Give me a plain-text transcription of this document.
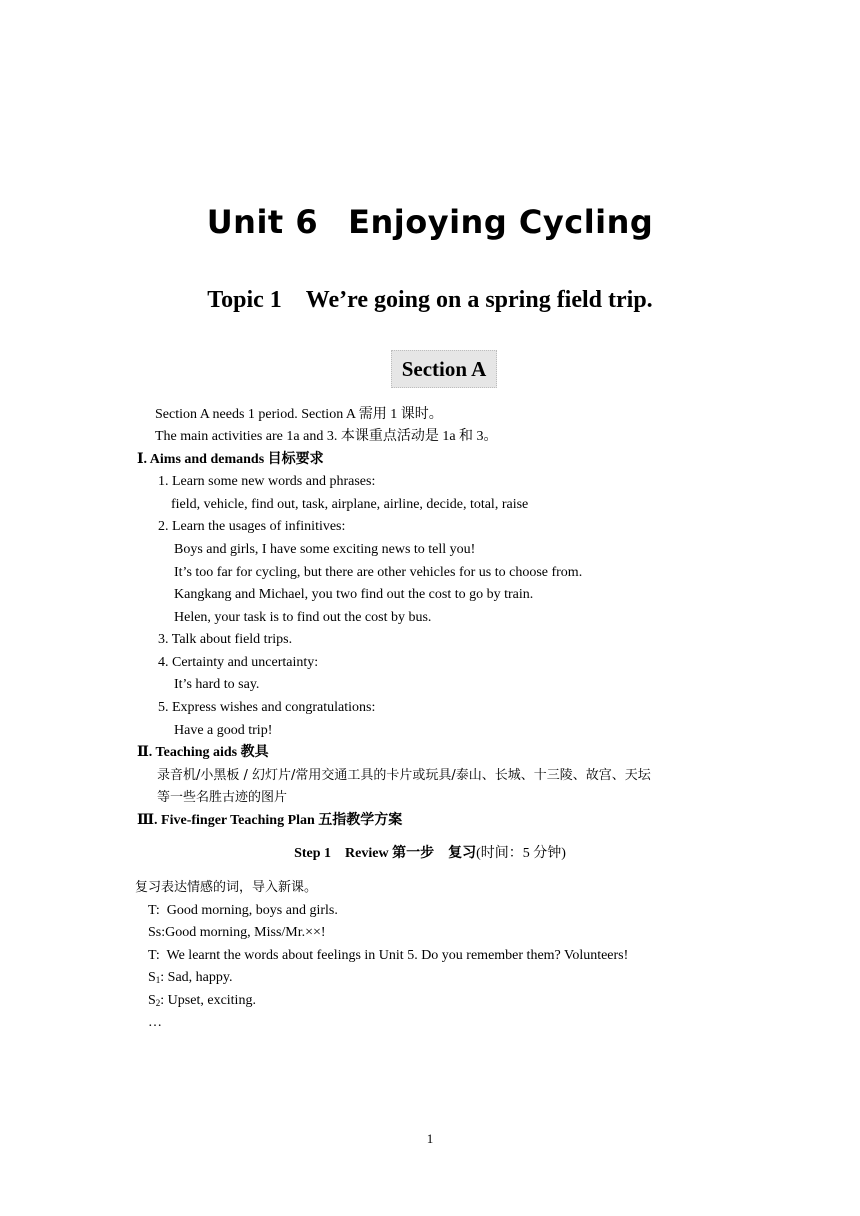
Unit 6 Enjoying Cycling
Topic 1 We’re going on a spring field trip.
Section A
Section A needs 1 period. Section A 需用 1 课时。
The main activities are 1a and 3. 本课重点活动是 1a 和 3。
Ⅰ. Aims and demands 目标要求
1. Learn some new words and phrases:
field, vehicle, find out, task, airplane, airline, decide, total, raise
2. Learn the usages of infinitives:
Boys and girls, I have some exciting news to tell you!
It’s too far for cycling, but there are other vehicles for us to choose from.
Kangkang and Michael, you two find out the cost to go by train.
Helen, your task is to find out the cost by bus.
3. Talk about field trips.
4. Certainty and uncertainty:
It’s hard to say.
5. Express wishes and congratulations:
Have a good trip!
Ⅱ. Teaching aids 教具
录音机/小黑板 / 幻灯片/常用交通工具的卡片或玩具/泰山、长城、十三陵、故宫、天坛
等一些名胜古迹的图片
Ⅲ. Five-finger Teaching Plan 五指教学方案
Step 1 Review 第一步　复习(时间：5 分钟)
复习表达情感的词，导入新课。
T: Good morning, boys and girls.
Ss:Good morning, Miss/Mr.××!
T: We learnt the words about feelings in Unit 5. Do you remember them? Volunteers!
$S_1$: Sad, happy.
$S_2$: Upset, exciting.
…
1
